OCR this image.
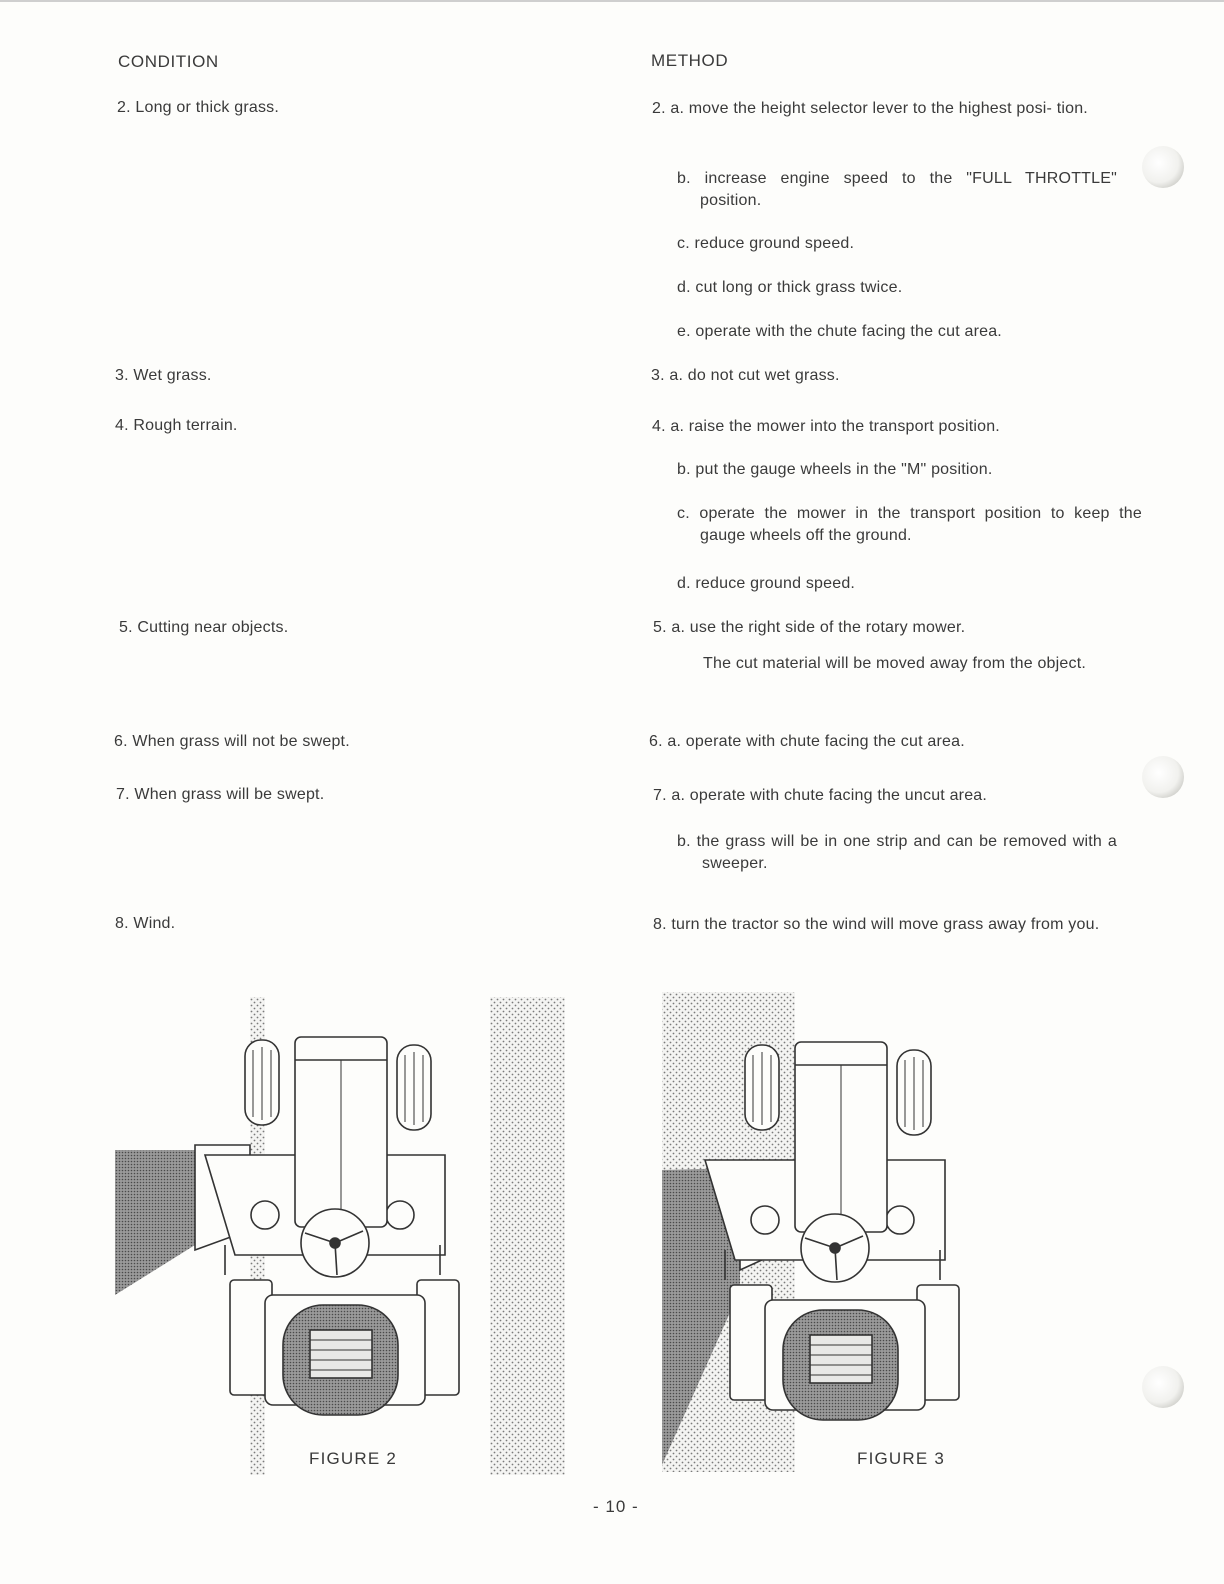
CONDITION	METHOD
2. Long or thick grass.
3. Wet grass.
4. Rough terrain.
5. Cutting near objects.
6. When grass will not be swept.
7. When grass will be swept.
8. Wind.
2. a. move the height selector lever to the highest posi- tion.
b. increase engine speed to the "FULL THROTTLE" position.
c. reduce ground speed.
d. cut long or thick grass twice.
e. operate with the chute facing the cut area.
3. a. do not cut wet grass.
4. a. raise the mower into the transport position.
b. put the gauge wheels in the "M" position.
c. operate the mower in the transport position to keep the gauge wheels off the ground.
d. reduce ground speed.
5. a. use the right side of the rotary mower.
The cut material will be moved away from the object.
6. a. operate with chute facing the cut area.
7. a. operate with chute facing the uncut area.
b. the grass will be in one strip and can be removed with a sweeper.
8. turn the tractor so the wind will move grass away from you.
FIGURE 2	FIGURE 3
- 10 -
